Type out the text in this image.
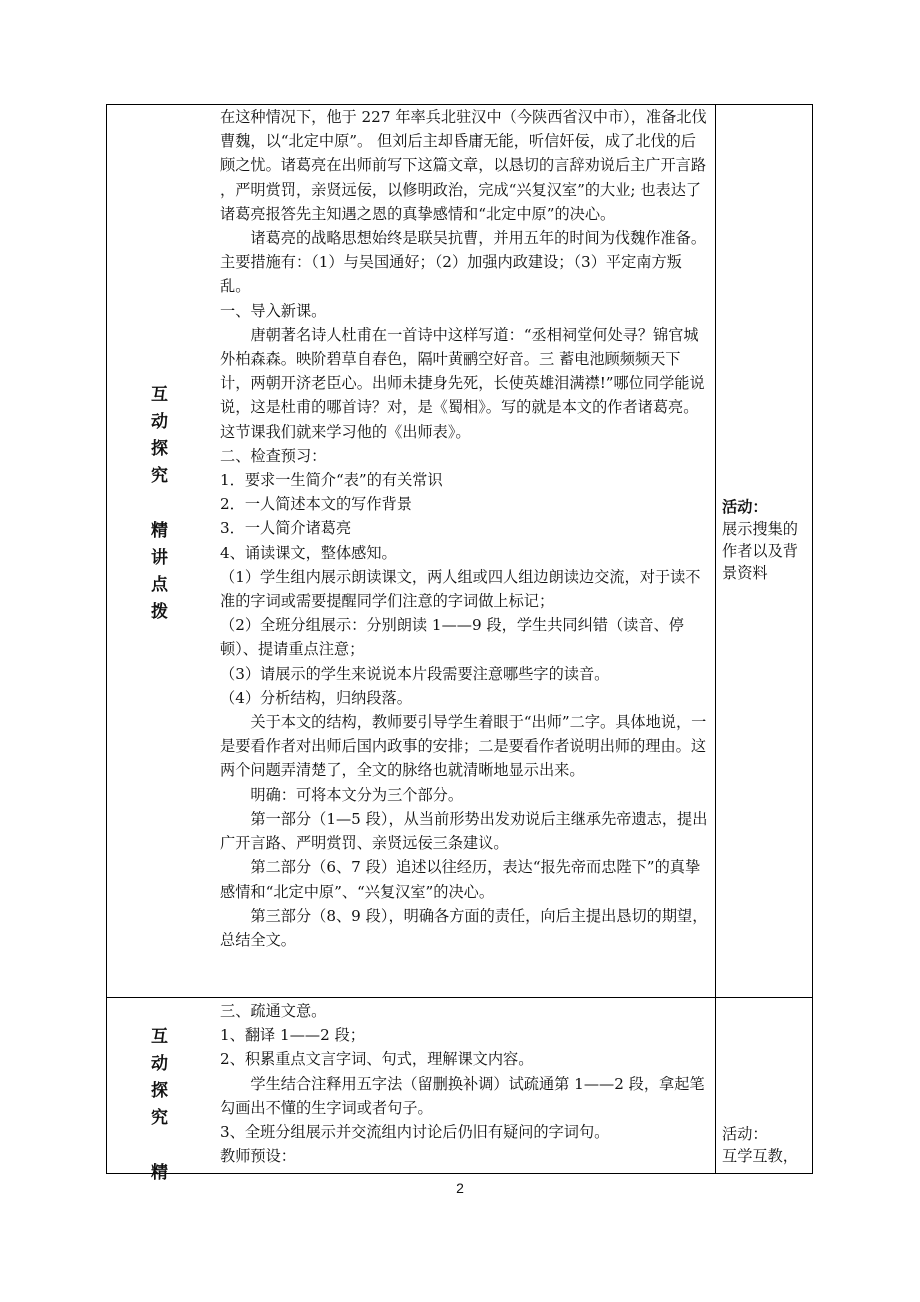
互
动
探
究
精
讲
点
拨

在这种情况下，他于 227 年率兵北驻汉中（今陕西省汉中市），准备北伐曹魏，以“北定中原”。 但刘后主却昏庸无能，听信奸佞，成了北伐的后顾之忧。诸葛亮在出师前写下这篇文章，以恳切的言辞劝说后主广开言路 ，严明赏罚，亲贤远佞，以修明政治，完成“兴复汉室”的大业; 也表达了诸葛亮报答先主知遇之恩的真挚感情和“北定中原”的决心。

诸葛亮的战略思想始终是联吴抗曹，并用五年的时间为伐魏作准备。主要措施有：（1）与吴国通好；（2）加强内政建设；（3）平定南方叛乱。

一、导入新课。

唐朝著名诗人杜甫在一首诗中这样写道：“丞相祠堂何处寻？锦官城外柏森森。映阶碧草自春色，隔叶黄鹂空好音。三 蓄电池顾频频天下计，两朝开济老臣心。出师未捷身先死，长使英雄泪满襟!”哪位同学能说说，这是杜甫的哪首诗？对，是《蜀相》。写的就是本文的作者诸葛亮。这节课我们就来学习他的《出师表》。

二、检查预习：

1．要求一生简介“表”的有关常识

2．一人简述本文的写作背景

3．一人简介诸葛亮

4、诵读课文，整体感知。

（1）学生组内展示朗读课文，两人组或四人组边朗读边交流，对于读不准的字词或需要提醒同学们注意的字词做上标记；

（2）全班分组展示：分别朗读 1——9 段，学生共同纠错（读音、停顿）、提请重点注意；

（3）请展示的学生来说说本片段需要注意哪些字的读音。

（4）分析结构，归纳段落。

关于本文的结构，教师要引导学生着眼于“出师”二字。具体地说，一是要看作者对出师后国内政事的安排；二是要看作者说明出师的理由。这两个问题弄清楚了，全文的脉络也就清晰地显示出来。

明确：可将本文分为三个部分。

第一部分（1—5 段），从当前形势出发劝说后主继承先帝遗志，提出广开言路、严明赏罚、亲贤远佞三条建议。

第二部分（6、7 段）追述以往经历，表达“报先帝而忠陛下”的真挚感情和“北定中原”、“兴复汉室”的决心。

第三部分（8、9 段），明确各方面的责任，向后主提出恳切的期望，总结全文。

活动：
展示搜集的作者以及背景资料
互
动
探
究
精

三、疏通文意。

1、翻译 1——2 段；

2、积累重点文言字词、句式，理解课文内容。

学生结合注释用五字法（留删换补调）试疏通第 1——2 段，拿起笔勾画出不懂的生字词或者句子。

3、全班分组展示并交流组内讨论后仍旧有疑问的字词句。

教师预设：

活动：
互学互教，
2
